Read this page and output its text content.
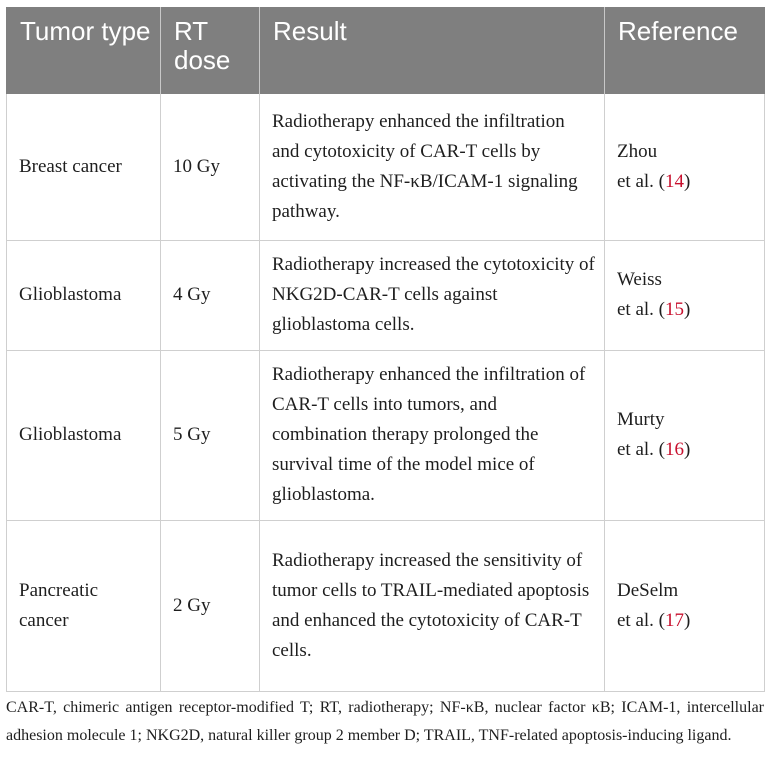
Tumor type	RT dose	Result	Reference
Breast cancer	10 Gy	Radiotherapy enhanced the infiltration and cytotoxicity of CAR-T cells by activating the NF-κB/ICAM-1 signaling pathway.	Zhou
et al. (14)

Glioblastoma	4 Gy	Radiotherapy increased the cytotoxicity of NKG2D-CAR-T cells against glioblastoma cells.	Weiss
et al. (15)

Glioblastoma	5 Gy	Radiotherapy enhanced the infiltration of CAR-T cells into tumors, and combination therapy prolonged the survival time of the model mice of glioblastoma.	Murty
et al. (16)

Pancreatic cancer	2 Gy	Radiotherapy increased the sensitivity of tumor cells to TRAIL-mediated apoptosis and enhanced the cytotoxicity of CAR-T cells.	DeSelm
et al. (17)

CAR-T, chimeric antigen receptor-modified T; RT, radiotherapy; NF-κB, nuclear factor κB; ICAM-1, intercellular adhesion molecule 1; NKG2D, natural killer group 2 member D; TRAIL, TNF-related apoptosis-inducing ligand.
